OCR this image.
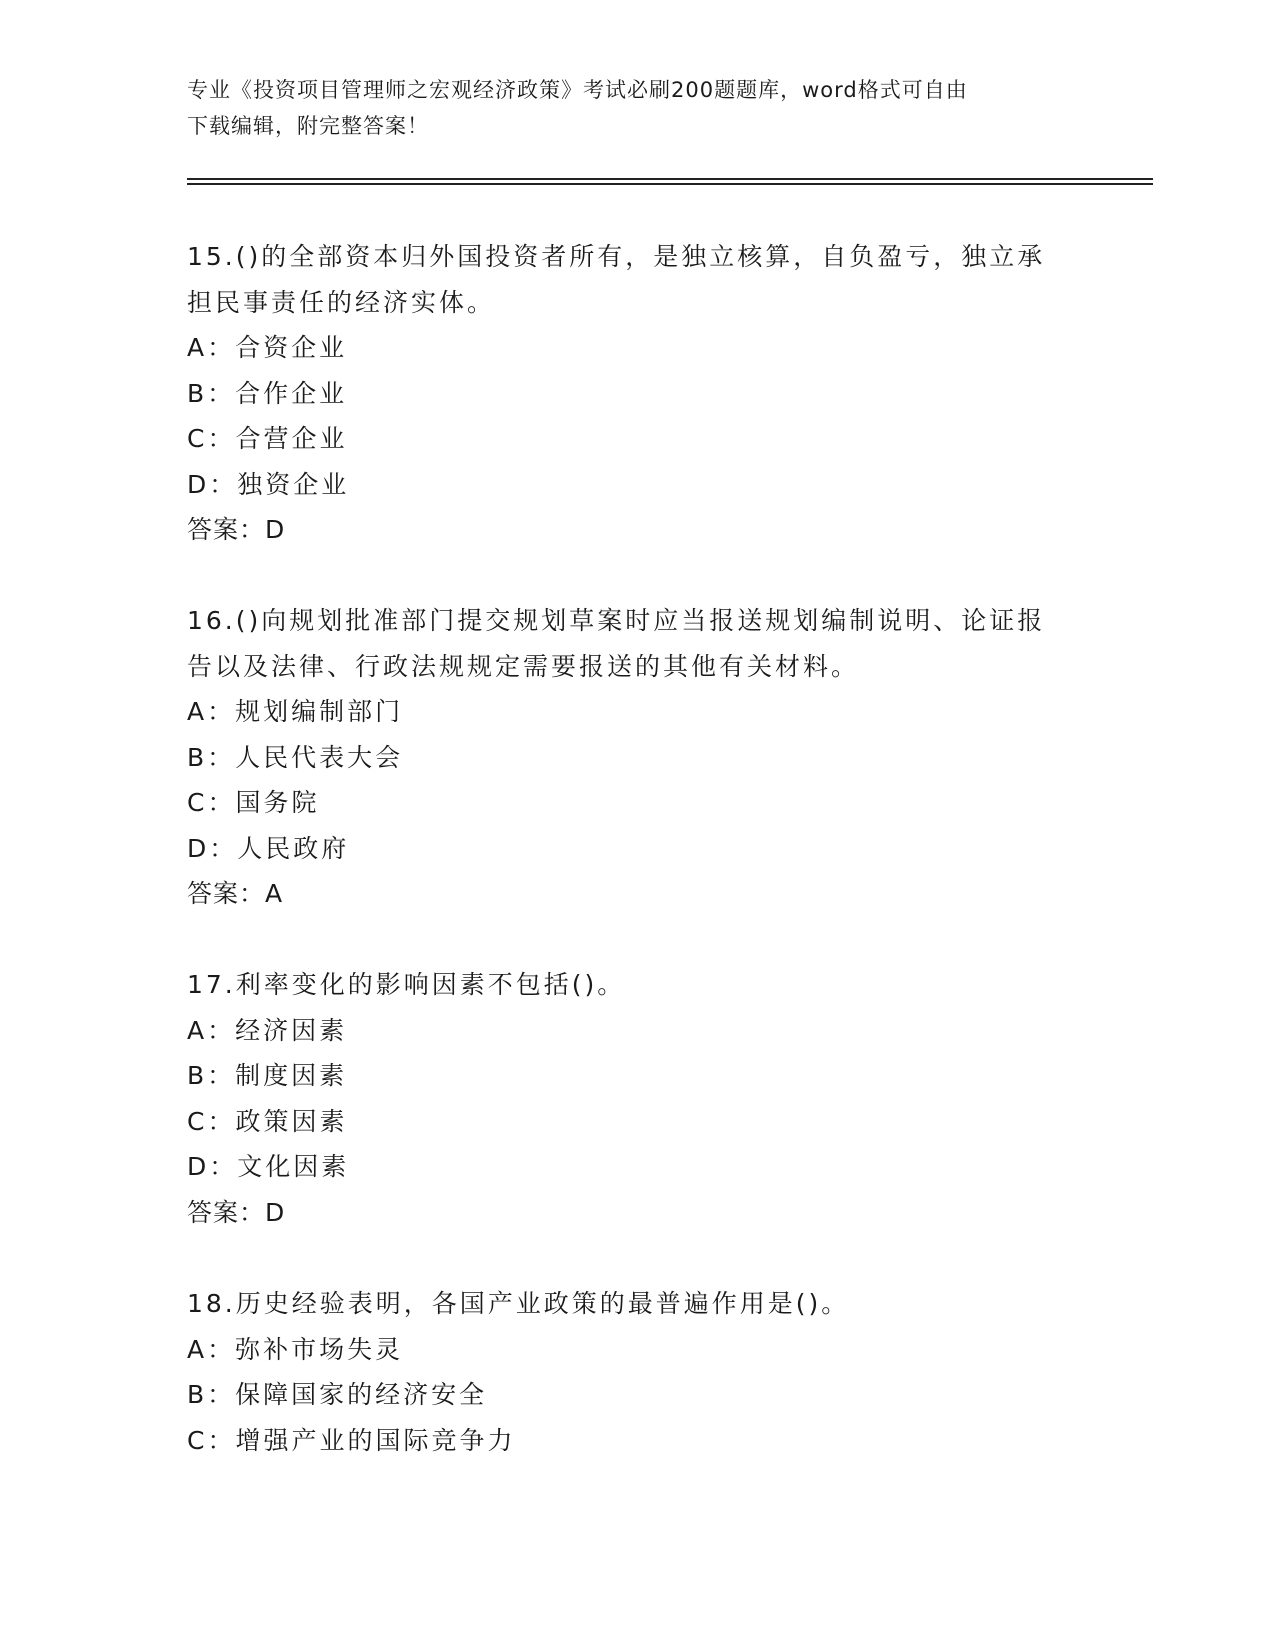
专业《投资项目管理师之宏观经济政策》考试必刷200题题库，word格式可自由
下载编辑，附完整答案！
15.()的全部资本归外国投资者所有，是独立核算，自负盈亏，独立承
担民事责任的经济实体。
A：合资企业
B：合作企业
C：合营企业
D：独资企业
答案：D
16.()向规划批准部门提交规划草案时应当报送规划编制说明、论证报
告以及法律、行政法规规定需要报送的其他有关材料。
A：规划编制部门
B：人民代表大会
C：国务院
D：人民政府
答案：A
17.利率变化的影响因素不包括()。
A：经济因素
B：制度因素
C：政策因素
D：文化因素
答案：D
18.历史经验表明，各国产业政策的最普遍作用是()。
A：弥补市场失灵
B：保障国家的经济安全
C：增强产业的国际竞争力
